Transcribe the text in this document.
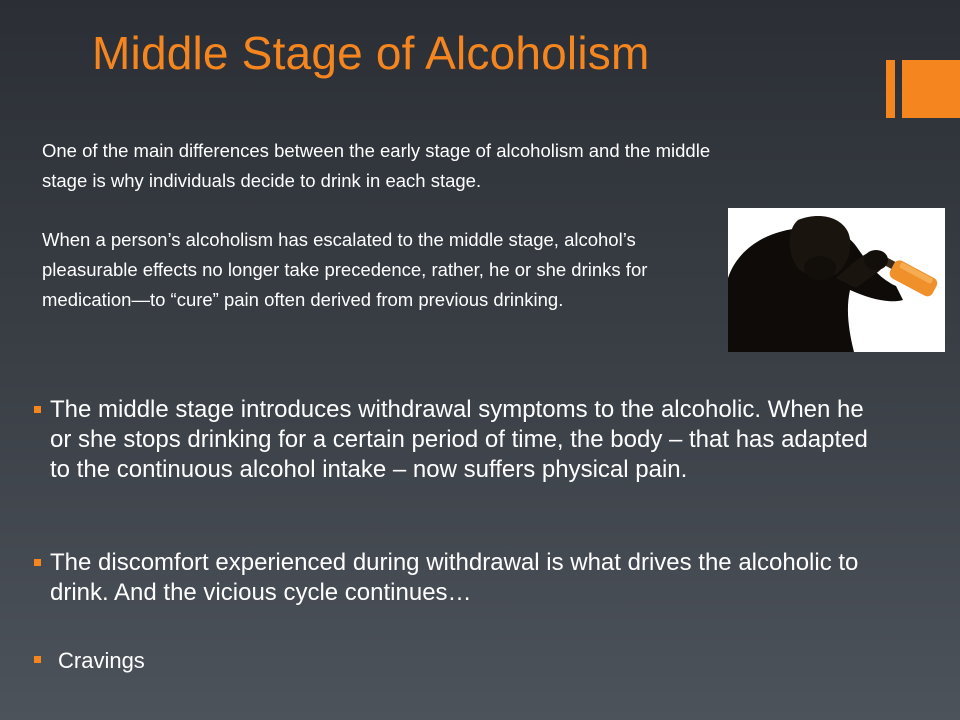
Middle Stage of Alcoholism

One of the main differences between the early stage of alcoholism and the middle stage is why individuals decide to drink in each stage.

When a person’s alcoholism has escalated to the middle stage, alcohol’s pleasurable effects no longer take precedence, rather, he or she drinks for medication—to “cure” pain often derived from previous drinking.

The middle stage introduces withdrawal symptoms to the alcoholic. When he or she stops drinking for a certain period of time, the body – that has adapted to the continuous alcohol intake – now suffers physical pain.
The discomfort experienced during withdrawal is what drives the alcoholic to drink. And the vicious cycle continues…
Cravings
